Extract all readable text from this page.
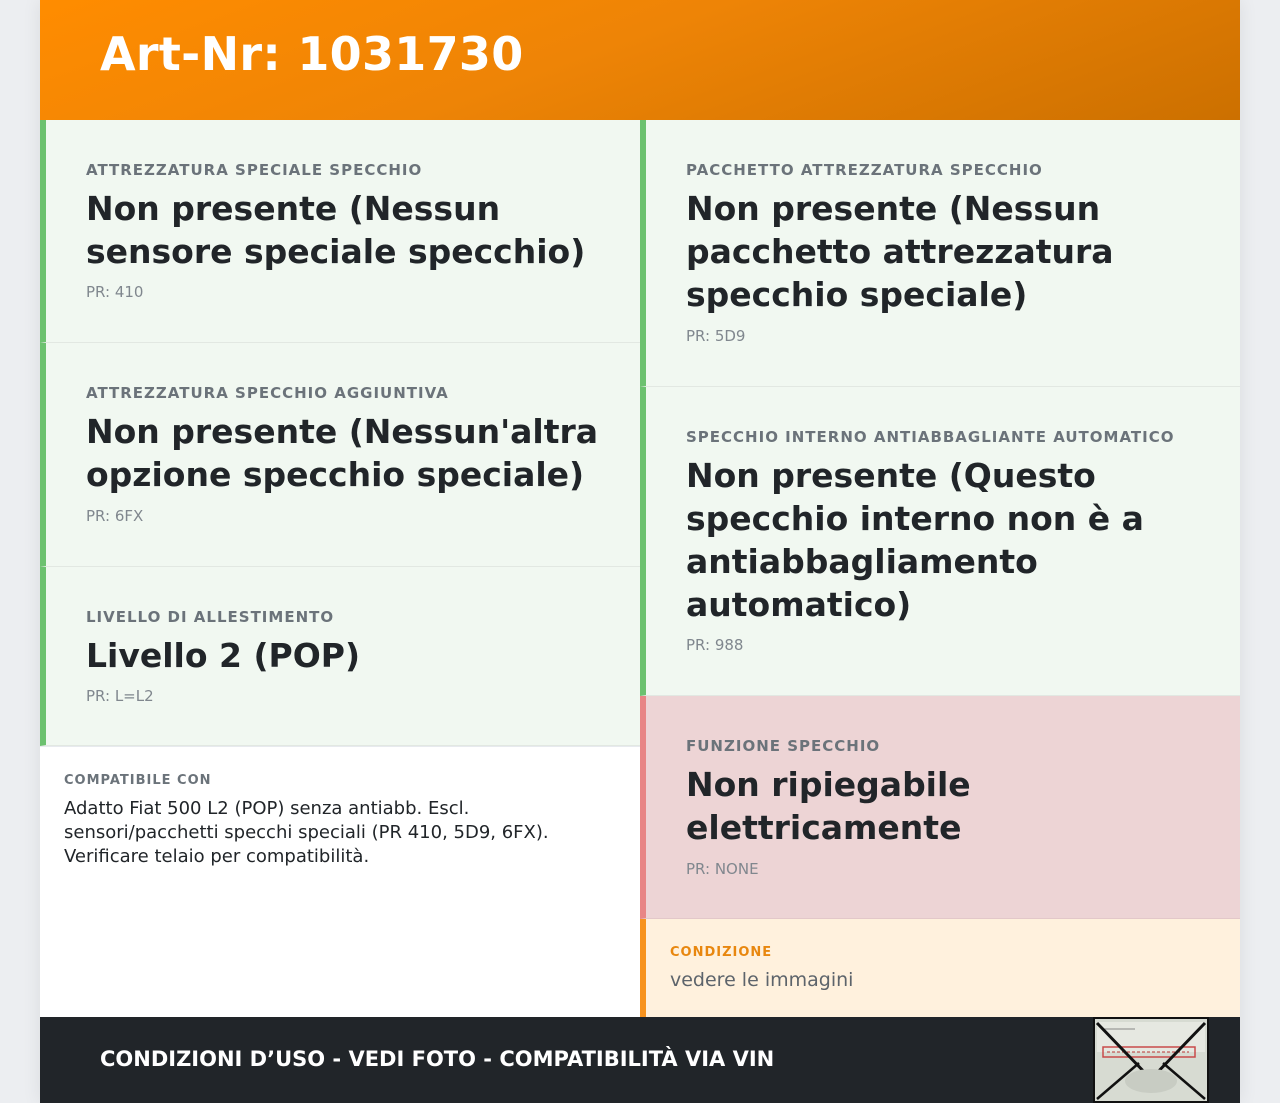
Art-Nr: 1031730
ATTREZZATURA SPECIALE SPECCHIO
Non presente (Nessun sensore speciale specchio)
PR: 410
ATTREZZATURA SPECCHIO AGGIUNTIVA
Non presente (Nessun'altra opzione specchio speciale)
PR: 6FX
LIVELLO DI ALLESTIMENTO
Livello 2 (POP)
PR: L=L2
COMPATIBILE CON
Adatto Fiat 500 L2 (POP) senza antiabb. Escl. sensori/pacchetti specchi speciali (PR 410, 5D9, 6FX). Verificare telaio per compatibilità.
PACCHETTO ATTREZZATURA SPECCHIO
Non presente (Nessun pacchetto attrezzatura specchio speciale)
PR: 5D9
SPECCHIO INTERNO ANTIABBAGLIANTE AUTOMATICO
Non presente (Questo specchio interno non è a antiabbagliamento automatico)
PR: 988
FUNZIONE SPECCHIO
Non ripiegabile elettricamente
PR: NONE
CONDIZIONE
vedere le immagini
CONDIZIONI D’USO - VEDI FOTO - COMPATIBILITÀ VIA VIN
